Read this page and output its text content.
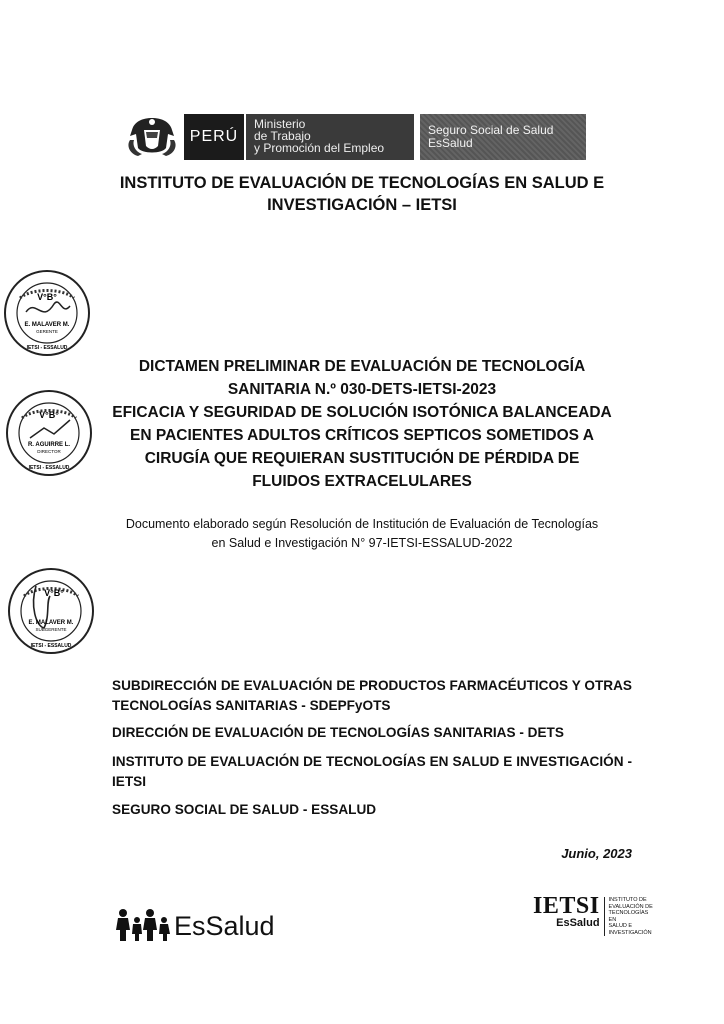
PERÚ
Ministerio
de Trabajo
y Promoción del Empleo
Seguro Social de Salud
EsSalud
INSTITUTO DE EVALUACIÓN DE TECNOLOGÍAS EN SALUD E
INVESTIGACIÓN – IETSI
V°B°
E. MALAVER M.
GERENTE
IETSI - ESSALUD
V°B°
R. AGUIRRE L.
DIRECTOR
IETSI - ESSALUD
V°B°
E. MALAVER M.
SUBGERENTE
IETSI - ESSALUD
DICTAMEN PRELIMINAR DE EVALUACIÓN DE TECNOLOGÍA
SANITARIA N.º 030-DETS-IETSI-2023
EFICACIA Y SEGURIDAD DE SOLUCIÓN ISOTÓNICA BALANCEADA
EN PACIENTES ADULTOS CRÍTICOS SEPTICOS SOMETIDOS A
CIRUGÍA QUE REQUIERAN SUSTITUCIÓN DE PÉRDIDA DE
FLUIDOS EXTRACELULARES
Documento elaborado según Resolución de Institución de Evaluación de Tecnologías
en Salud e Investigación N° 97-IETSI-ESSALUD-2022
SUBDIRECCIÓN DE EVALUACIÓN DE PRODUCTOS FARMACÉUTICOS Y OTRAS TECNOLOGÍAS SANITARIAS - SDEPFyOTS
DIRECCIÓN DE EVALUACIÓN DE TECNOLOGÍAS SANITARIAS - DETS
INSTITUTO DE EVALUACIÓN DE TECNOLOGÍAS EN SALUD E INVESTIGACIÓN - IETSI
SEGURO SOCIAL DE SALUD - ESSALUD
Junio, 2023
EsSalud
IETSI
EsSalud
INSTITUTO DE
EVALUACIÓN DE
TECNOLOGÍAS EN
SALUD E
INVESTIGACIÓN
